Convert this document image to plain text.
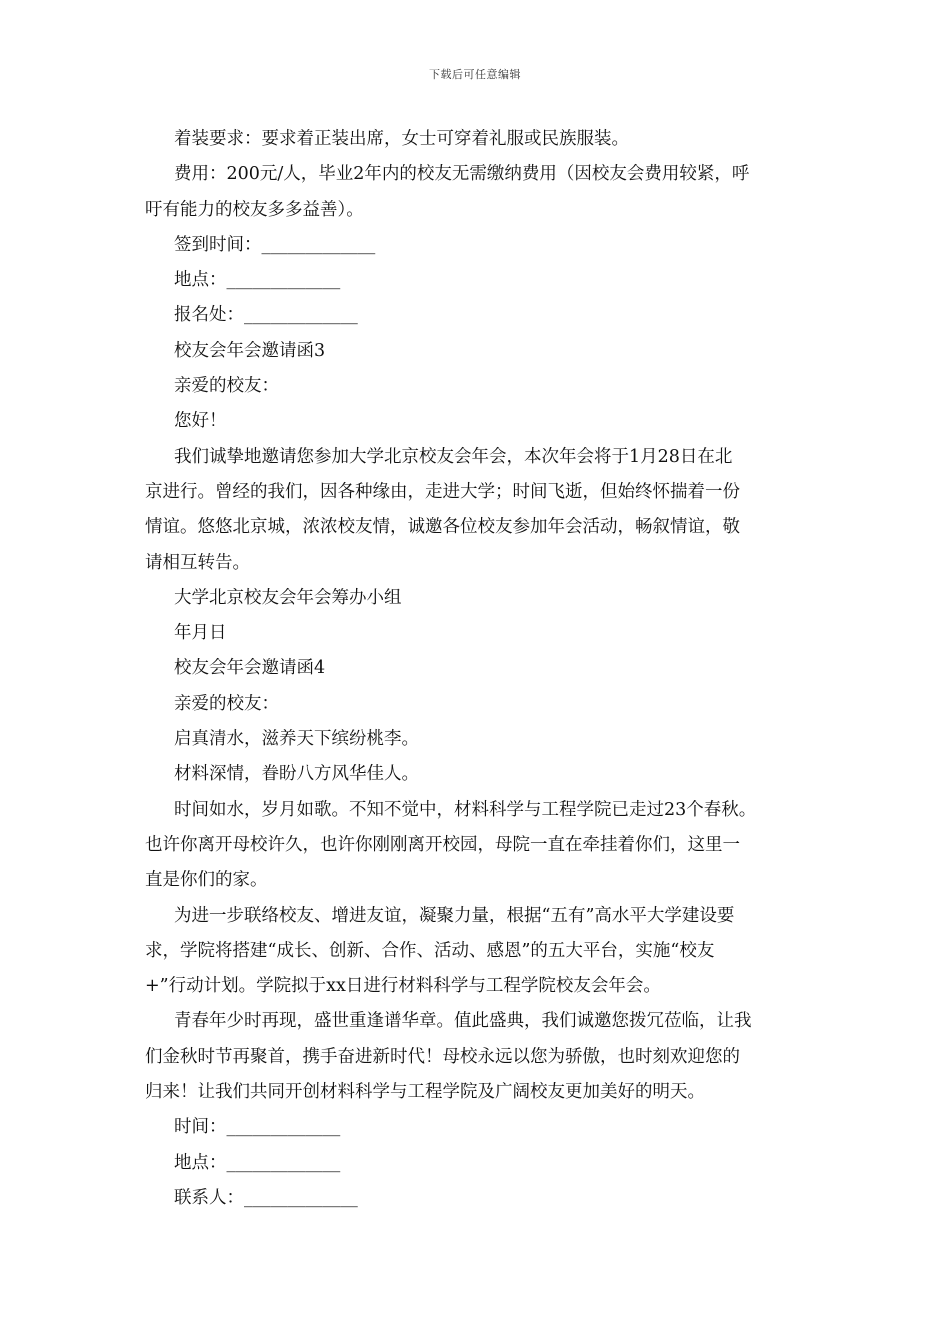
下载后可任意编辑
着装要求：要求着正装出席，女士可穿着礼服或民族服装。
费用：200元/人，毕业2年内的校友无需缴纳费用（因校友会费用较紧，呼
吁有能力的校友多多益善）。
签到时间：_____________
地点：_____________
报名处：_____________
校友会年会邀请函3
亲爱的校友：
您好！
我们诚挚地邀请您参加大学北京校友会年会，本次年会将于1月28日在北
京进行。曾经的我们，因各种缘由，走进大学；时间飞逝，但始终怀揣着一份
情谊。悠悠北京城，浓浓校友情，诚邀各位校友参加年会活动，畅叙情谊，敬
请相互转告。
大学北京校友会年会筹办小组
年月日
校友会年会邀请函4
亲爱的校友：
启真清水，滋养天下缤纷桃李。
材料深情，眷盼八方风华佳人。
时间如水，岁月如歌。不知不觉中，材料科学与工程学院已走过23个春秋。
也许你离开母校许久，也许你刚刚离开校园，母院一直在牵挂着你们，这里一
直是你们的家。
为进一步联络校友、增进友谊，凝聚力量，根据“五有”高水平大学建设要
求，学院将搭建“成长、创新、合作、活动、感恩”的五大平台，实施“校友
+”行动计划。学院拟于xx日进行材料科学与工程学院校友会年会。
青春年少时再现，盛世重逢谱华章。值此盛典，我们诚邀您拨冗莅临，让我
们金秋时节再聚首，携手奋进新时代！母校永远以您为骄傲，也时刻欢迎您的
归来！让我们共同开创材料科学与工程学院及广阔校友更加美好的明天。
时间：_____________
地点：_____________
联系人：_____________
